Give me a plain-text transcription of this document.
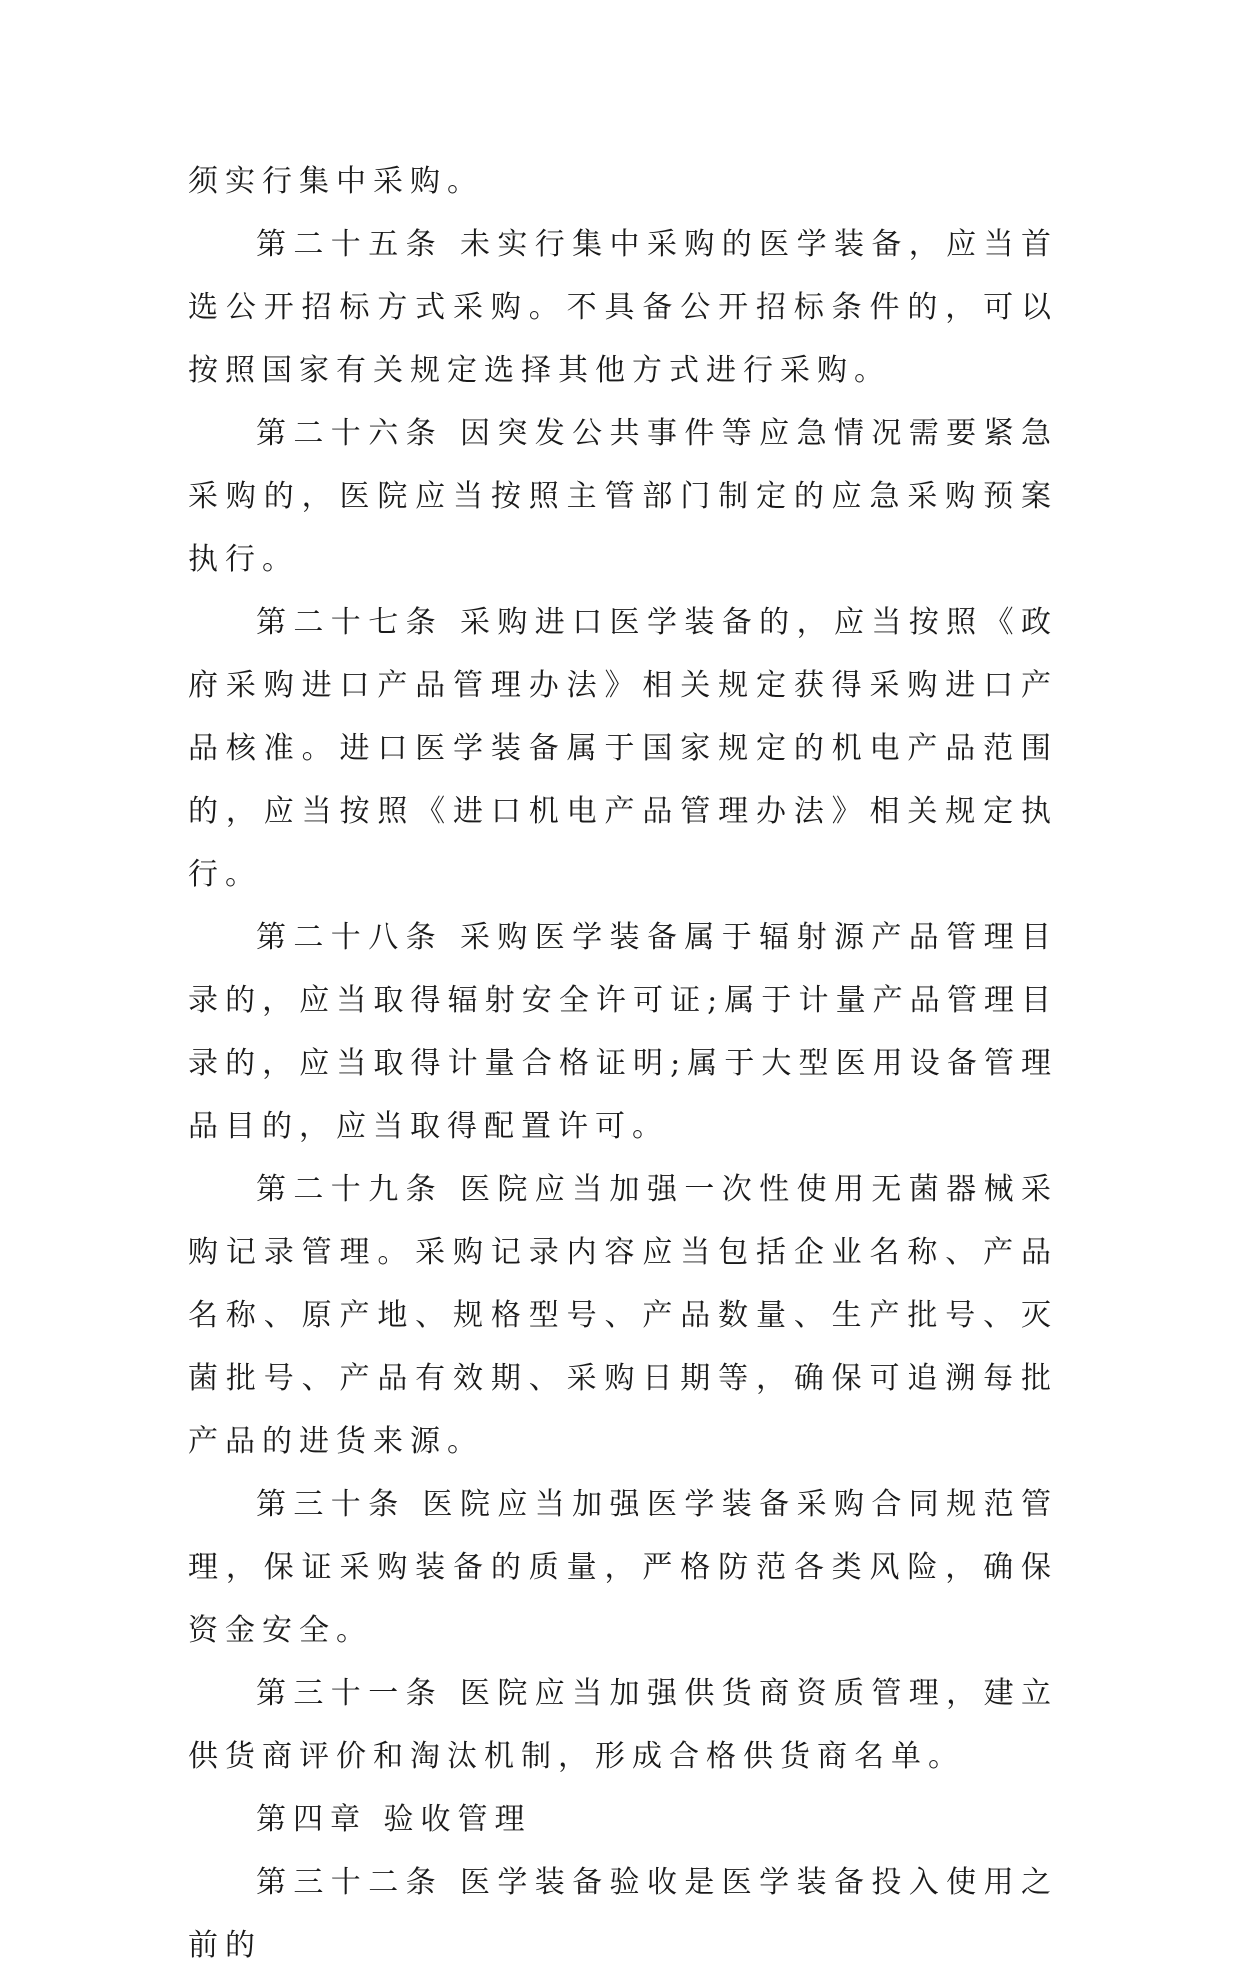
须实行集中采购。

第二十五条 未实行集中采购的医学装备，应当首选公开招标方式采购。不具备公开招标条件的，可以按照国家有关规定选择其他方式进行采购。

第二十六条 因突发公共事件等应急情况需要紧急采购的，医院应当按照主管部门制定的应急采购预案执行。

第二十七条 采购进口医学装备的，应当按照《政府采购进口产品管理办法》相关规定获得采购进口产品核准。进口医学装备属于国家规定的机电产品范围的，应当按照《进口机电产品管理办法》相关规定执行。

第二十八条 采购医学装备属于辐射源产品管理目录的，应当取得辐射安全许可证;属于计量产品管理目录的，应当取得计量合格证明;属于大型医用设备管理品目的，应当取得配置许可。

第二十九条 医院应当加强一次性使用无菌器械采购记录管理。采购记录内容应当包括企业名称、产品名称、原产地、规格型号、产品数量、生产批号、灭菌批号、产品有效期、采购日期等，确保可追溯每批产品的进货来源。

第三十条 医院应当加强医学装备采购合同规范管理，保证采购装备的质量，严格防范各类风险，确保资金安全。

第三十一条 医院应当加强供货商资质管理，建立供货商评价和淘汰机制，形成合格供货商名单。

第四章 验收管理

第三十二条 医学装备验收是医学装备投入使用之前的
